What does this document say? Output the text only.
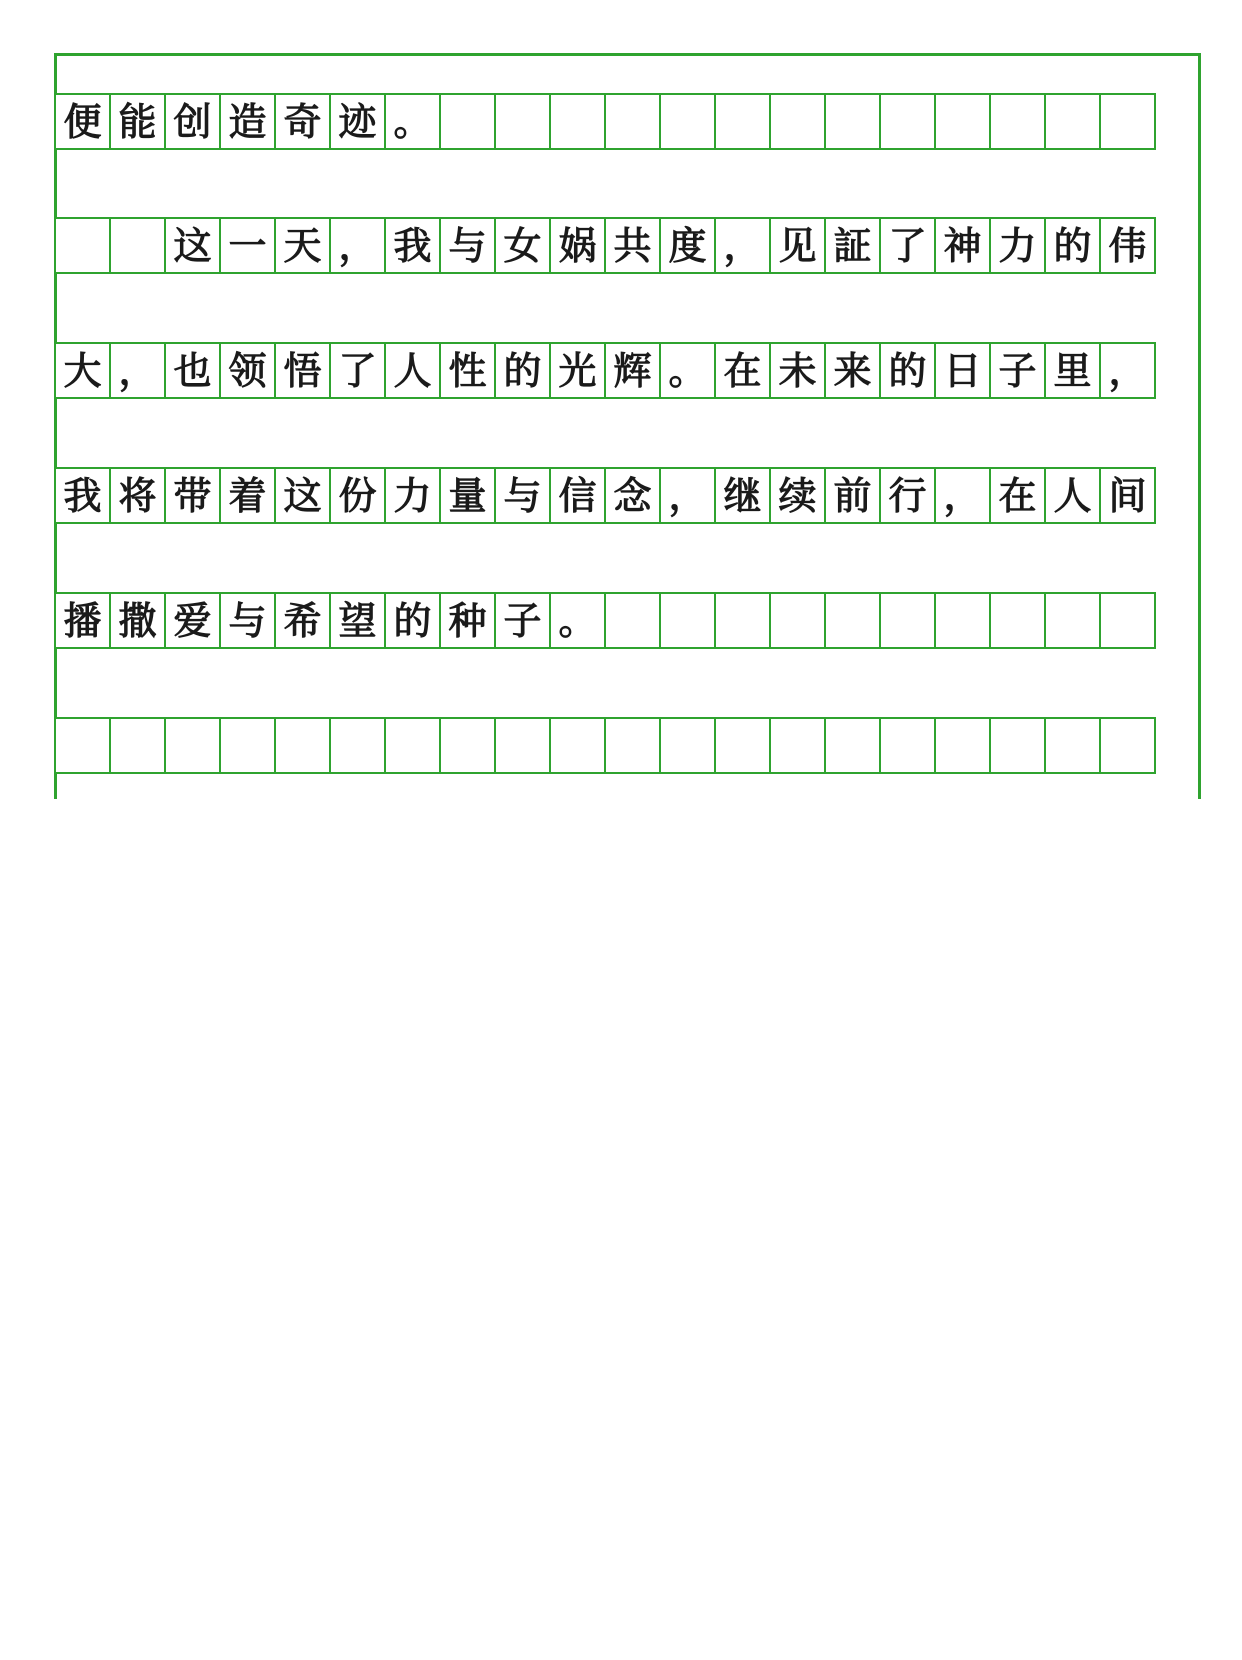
便 能 创 造 奇 迹 。
这 一 天 ， 我 与 女 娲 共 度 ， 见 証 了 神 力 的 伟
大 ， 也 领 悟 了 人 性 的 光 辉 。 在 未 来 的 日 子 里 ，
我 将 带 着 这 份 力 量 与 信 念 ， 继 续 前 行 ， 在 人 间
播 撒 爱 与 希 望 的 种 子 。
